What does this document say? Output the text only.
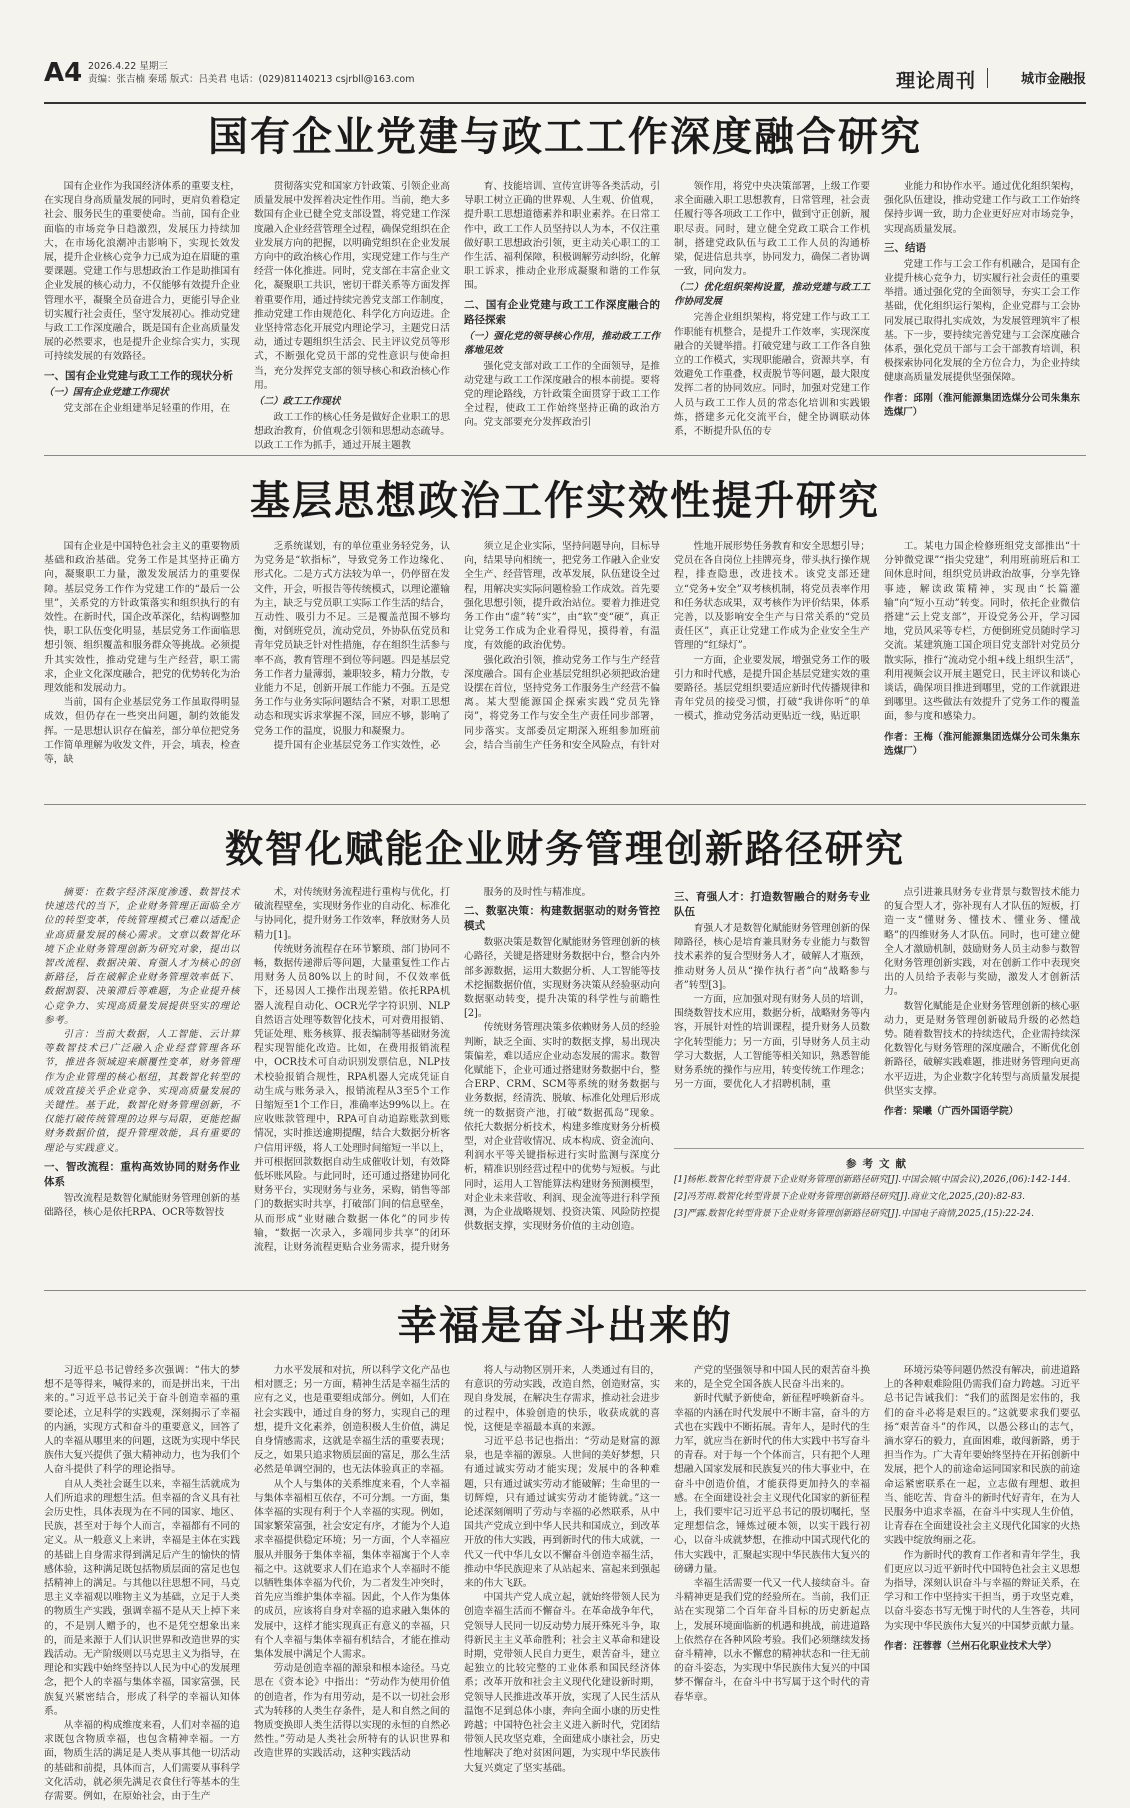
A4 2026.4.22 星期三
责编：张吉楠 秦瑶 版式：吕美君 电话：(029)81140213 csjrbll@163.com	理论周刊	城市金融报
国有企业党建与政工工作深度融合研究

国有企业作为我国经济体系的重要支柱，在实现自身高质量发展的同时，更肩负着稳定社会、服务民生的重要使命。当前，国有企业面临的市场竞争日趋激烈，发展压力持续加大，在市场化浪潮冲击影响下，实现长效发展，提升企业核心竞争力已成为迫在眉睫的重要课题。党建工作与思想政治工作是助推国有企业发展的核心动力，不仅能够有效提升企业管理水平，凝聚全员奋进合力，更能引导企业切实履行社会责任，坚守发展初心。推动党建与政工工作深度融合，既是国有企业高质量发展的必然要求，也是提升企业综合实力，实现可持续发展的有效路径。

一、国有企业党建与政工工作的现状分析
（一）国有企业党建工作现状

党支部在企业组建举足轻重的作用，在

贯彻落实党和国家方针政策、引领企业高质量发展中发挥着决定性作用。当前，绝大多数国有企业已健全党支部设置，将党建工作深度融入企业经营管理全过程，确保党组织在企业发展方向的把握，以明确党组织在企业发展方向中的政治核心作用，实现党建工作与生产经营一体化推进。同时，党支部在丰富企业文化，凝聚职工共识，密切干群关系等方面发挥着重要作用，通过持续完善党支部工作制度，推动党建工作由规范化、科学化方向迈进。企业坚持常态化开展党内理论学习，主题党日活动，通过专题组织生活会、民主评议党员等形式，不断强化党员干部的党性意识与使命担当，充分发挥党支部的领导核心和政治核心作用。

（二）政工工作现状

政工工作的核心任务是做好企业职工的思想政治教育，价值观念引领和思想动态疏导。以政工工作为抓手，通过开展主题教

育、技能培训、宣传宣讲等各类活动，引导职工树立正确的世界观、人生观、价值观，提升职工思想道德素养和职业素养。在日常工作中，政工工作人员坚持以人为本，不仅注重做好职工思想政治引领，更主动关心职工的工作生活、福利保障，积极调解劳动纠纷，化解职工诉求，推动企业形成凝聚和谐的工作氛围。

二、国有企业党建与政工工作深度融合的路径探索
（一）强化党的领导核心作用，推动政工工作落地见效

强化党支部对政工工作的全面领导，是推动党建与政工工作深度融合的根本前提。要将党的理论路线，方针政策全面贯穿于政工工作全过程，使政工工作始终坚持正确的政治方向。党支部要充分发挥政治引

领作用，将党中央决策部署，上级工作要求全面融入职工思想教育，日常管理，社会责任履行等各项政工工作中，做到守正创新，履职尽责。同时，建立健全党政工联合工作机制，搭建党政队伍与政工工作人员的沟通桥梁，促进信息共享，协同发力，确保二者协调一致，同向发力。

（二）优化组织架构设置，推动党建与政工工作协同发展

完善企业组织架构，将党建工作与政工工作职能有机整合，是提升工作效率，实现深度融合的关键举措。打破党建与政工工作各自独立的工作模式，实现职能融合，资源共享，有效避免工作重叠，权责脱节等问题，最大限度发挥二者的协同效应。同时，加强对党建工作人员与政工工作人员的常态化培训和实践锻炼，搭建多元化交流平台，健全协调联动体系，不断提升队伍的专

业能力和协作水平。通过优化组织架构，强化队伍建设，推动党建工作与政工工作始终保持步调一致，助力企业更好应对市场竞争，实现高质量发展。

三、结语

党建工作与工会工作有机融合，是国有企业提升核心竞争力，切实履行社会责任的重要举措。通过强化党的全面领导，夯实工会工作基础，优化组织运行架构，企业党群与工会协同发展已取得扎实成效，为发展管理筑牢了根基。下一步，要持续完善党建与工会深度融合体系，强化党员干部与工会干部教育培训，积极探索协同化发展的全方位合力，为企业持续健康高质量发展提供坚强保障。

作者：邱刚（淮河能源集团选煤分公司朱集东选煤厂）

基层思想政治工作实效性提升研究

国有企业是中国特色社会主义的重要物质基础和政治基础。党务工作是其坚持正确方向，凝聚职工力量，激发发展活力的重要保障。基层党务工作作为党建工作的“最后一公里”，关系党的方针政策落实和组织执行的有效性。在新时代，国企改革深化，结构调整加快，职工队伍变化明显，基层党务工作面临思想引领、组织覆盖和服务群众等挑战。必须提升其实效性，推动党建与生产经营，职工需求，企业文化深度融合，把党的优势转化为治理效能和发展动力。

当前，国有企业基层党务工作虽取得明显成效，但仍存在一些突出问题，制约效能发挥。一是思想认识存在偏差，部分单位把党务工作简单理解为收发文件，开会，填表，检查等，缺

乏系统谋划，有的单位重业务轻党务，认为党务是“软指标”，导致党务工作边缘化、形式化。二是方式方法较为单一，仍停留在发文件，开会，听报告等传统模式，以理论灌输为主，缺乏与党员职工实际工作生活的结合，互动性、吸引力不足。三是覆盖范围不够均衡，对倒班党员，流动党员，外协队伍党员和青年党员缺乏针对性措施，存在组织生活参与率不高，教育管理不到位等问题。四是基层党务工作者力量薄弱，兼职较多，精力分散，专业能力不足，创新开展工作能力不强。五是党务工作与业务实际问题结合不紧，对职工思想动态和现实诉求掌握不深，回应不够，影响了党务工作的温度，说服力和凝聚力。

提升国有企业基层党务工作实效性，必

须立足企业实际，坚持问题导向，目标导向，结果导向相统一，把党务工作融入企业安全生产、经营管理，改革发展，队伍建设全过程，用解决实实际问题检验工作成效。首先要强化思想引领，提升政治站位。要着力推进党务工作由“虚”转“实”，由“软”变“硬”，真正让党务工作成为企业看得见，摸得着，有温度，有效能的政治优势。

强化政治引领，推动党务工作与生产经营深度融合。国有企业基层党组织必须把政治建设摆在首位，坚持党务工作服务生产经营不偏离。某大型能源国企探索实践“党员先锋岗”，将党务工作与安全生产责任同步部署，同步落实。支部委员定期深入班组参加班前会，结合当前生产任务和安全风险点，有针对

性地开展形势任务教育和安全思想引导；党员在各自岗位上挂牌亮身，带头执行操作规程，排查隐患，改进技术。该党支部还建立“党务+安全”双考核机制，将党员表率作用和任务状态成果，双考核作为评价结果，体系完善，以及影响安全生产与日常关系的“党员责任区”，真正让党建工作成为企业安全生产管理的“红绿灯”。

一方面，企业要发展，增强党务工作的吸引力和时代感，是提升国企基层党建实效的重要路径。基层党组织要适应新时代传播规律和青年党员的接受习惯，打破“我讲你听”的单一模式，推动党务活动更贴近一线，贴近职

工。某电力国企检修班组党支部推出“十分钟微党课”“指尖党建”，利用班前班后和工间休息时间，组织党员讲政治故事，分享先锋事迹，解读政策精神，实现由“长篇灌输”向“短小互动”转变。同时，依托企业微信搭建“云上党支部”，开设党务公开，学习园地，党员风采等专栏，方便倒班党员随时学习交流。某建筑施工国企项目党支部针对党员分散实际，推行“流动党小组+线上组织生活”，利用视频会议开展主题党日，民主评议和谈心谈话，确保项目推进到哪里，党的工作就跟进到哪里。这些做法有效提升了党务工作的覆盖面，参与度和感染力。

作者：王梅（淮河能源集团选煤分公司朱集东选煤厂）

数智化赋能企业财务管理创新路径研究

摘要：在数字经济深度渗透、数智技术快速迭代的当下，企业财务管理正面临全方位的转型变革，传统管理模式已难以适配企业高质量发展的核心需求。文章以数智化环境下企业财务管理创新为研究对象，提出以智改流程、数据决策、育强人才为核心的创新路径，旨在破解企业财务管理效率低下、数据割裂、决策滞后等难题，为企业提升核心竞争力、实现高质量发展提供坚实的理论参考。

引言：当前大数据，人工智能、云计算等数智技术已广泛融入企业经营管理各环节，推进各领域迎来颠覆性变革，财务管理作为企业管理的核心枢纽，其数智化转型的成效直接关乎企业竞争、实现高质量发展的关键性。基于此，数智化财务管理创新，不仅能打破传统管理的边界与局限，更能挖掘财务数据价值，提升管理效能，具有重要的理论与实践意义。

一、智改流程：重构高效协同的财务作业体系

智改流程是数智化赋能财务管理创新的基础路径，核心是依托RPA、OCR等数智技

术，对传统财务流程进行重构与优化，打破流程壁垒，实现财务作业的自动化、标准化与协同化，提升财务工作效率，释放财务人员精力[1]。

传统财务流程存在环节繁琐、部门协同不畅，数据传递滞后等问题，大量重复性工作占用财务人员80%以上的时间，不仅效率低下，还易因人工操作出现差错。依托RPA机器人流程自动化、OCR光学字符识别、NLP自然语言处理等数智化技术，可对费用报销、凭证处理、账务核算、报表编制等基础财务流程实现智能化改造。比如，在费用报销流程中，OCR技术可自动识别发票信息，NLP技术校验报销合规性，RPA机器人完成凭证自动生成与账务录入，报销流程从3至5个工作日缩短至1个工作日，准确率达99%以上。在应收账款管理中，RPA可自动追踪账款到账情况，实时推送逾期提醒，结合大数据分析客户信用评级，将人工处理时间缩短一半以上，并可根据回款数据自动生成催收计划，有效降低坏账风险。与此同时，还可通过搭建协同化财务平台，实现财务与业务，采购，销售等部门的数据实时共享，打破部门间的信息壁垒，从而形成“业财融合数据一体化”的同步传输，“数据一次录入，多端同步共享”的闭环流程，让财务流程更贴合业务需求，提升财务

服务的及时性与精准度。

二、数驱决策：构建数据驱动的财务管控模式

数驱决策是数智化赋能财务管理创新的核心路径，关键是搭建财务数据中台，整合内外部多源数据，运用大数据分析、人工智能等技术挖掘数据价值，实现财务决策从经验驱动向数据驱动转变，提升决策的科学性与前瞻性[2]。

传统财务管理决策多依赖财务人员的经验判断，缺乏全面、实时的数据支撑，易出现决策偏差，难以适应企业动态发展的需求。数智化赋能下，企业可通过搭建财务数据中台，整合ERP、CRM、SCM等系统的财务数据与业务数据，经清洗、脱敏、标准化处理后形成统一的数据资产池，打破“数据孤岛”现象。依托大数据分析技术，构建多维度财务分析模型，对企业营收情况、成本构成、资金流向、利润水平等关键指标进行实时监测与深度分析，精准识别经营过程中的优势与短板。与此同时，运用人工智能算法构建财务预测模型，对企业未来营收、利润、现金流等进行科学预测，为企业战略规划、投资决策、风险防控提供数据支撑，实现财务价值的主动创造。

三、育强人才：打造数智融合的财务专业队伍

育强人才是数智化赋能财务管理创新的保障路径，核心是培育兼具财务专业能力与数智技术素养的复合型财务人才，破解人才瓶颈，推动财务人员从“操作执行者”向“战略参与者”转型[3]。

一方面，应加强对现有财务人员的培训，围绕数智技术应用，数据分析，战略财务等内容，开展针对性的培训课程，提升财务人员数字化转型能力；另一方面，引导财务人员主动学习大数据，人工智能等相关知识，熟悉智能财务系统的操作与应用，转变传统工作理念；另一方面，要优化人才招聘机制，重

点引进兼具财务专业背景与数智技术能力的复合型人才，弥补现有人才队伍的短板，打造一支“懂财务、懂技术、懂业务、懂战略”的四维财务人才队伍。同时，也可建立健全人才激励机制，鼓励财务人员主动参与数智化财务管理创新实践，对在创新工作中表现突出的人员给予表彰与奖励，激发人才创新活力。

数智化赋能是企业财务管理创新的核心驱动力，更是财务管理创新破局升级的必然趋势。随着数智技术的持续迭代，企业需持续深化数智化与财务管理的深度融合，不断优化创新路径，破解实践难题，推进财务管理向更高水平迈进，为企业数字化转型与高质量发展提供坚实支撑。

作者：梁曦（广西外国语学院）

参考文献

[1]杨彬.数智化转型背景下企业财务管理创新路径研究[J].中国会展(中国会议),2026,(06):142-144.

[2]冯芳雨.数智化转型背景下企业财务管理创新路径研究[J].商业文化,2025,(20):82-83.

[3]严露.数智化转型背景下企业财务管理创新路径研究[J].中国电子商情,2025,(15):22-24.

幸福是奋斗出来的

习近平总书记曾经多次强调：“伟大的梦想不是等得来，喊得来的，而是拼出来，干出来的。”习近平总书记关于奋斗创造幸福的重要论述，立足科学的实践观，深刻揭示了幸福的内涵，实现方式和奋斗的重要意义，回答了人的幸福从哪里来的问题，这既为实现中华民族伟大复兴提供了强大精神动力，也为我们个人奋斗提供了科学的理论指导。

自从人类社会诞生以来，幸福生活就成为人们所追求的理想生活。但幸福的含义具有社会历史性，具体表现为在不同的国家、地区、民族，甚至对于每个人而言，幸福都有不同的定义。从一般意义上来讲，幸福是主体在实践的基础上自身需求得到满足后产生的愉快的情感体验，这种满足既包括物质层面的富足也包括精神上的满足。与其他以往思想不同，马克思主义幸福观以唯物主义为基础，立足于人类的物质生产实践，强调幸福不是从天上掉下来的，不是别人赠予的，也不是凭空想象出来的，而是来源于人们认识世界和改造世界的实践活动。无产阶级则以马克思主义为指导，在理论和实践中始终坚持以人民为中心的发展理念，把个人的幸福与集体幸福，国家富强，民族复兴紧密结合，形成了科学的幸福认知体系。

从幸福的构成维度来看，人们对幸福的追求既包含物质幸福，也包含精神幸福。一方面，物质生活的满足是人类从事其他一切活动的基础和前提，具体而言，人们需要从事科学文化活动，就必须先满足衣食住行等基本的生存需要。例如，在原始社会，由于生产

力水平发展和对抗，所以科学文化产品也相对匮乏；另一方面，精神生活是幸福生活的应有之义，也是重要组成部分。例如，人们在社会实践中，通过自身的努力，实现自己的理想，提升文化素养，创造积极人生价值，满足自身情感需求，这就是幸福生活的重要表现；反之，如果只追求物质层面的富足，那么生活必然是单调空洞的，也无法体验真正的幸福。

从个人与集体的关系维度来看，个人幸福与集体幸福相互依存，不可分割。一方面，集体幸福的实现有利于个人幸福的实现。例如，国家繁荣富强，社会安定有序，才能为个人追求幸福提供稳定环境；另一方面，个人幸福应服从并服务于集体幸福，集体幸福寓于个人幸福之中。这就要求人们在追求个人幸福时不能以牺牲集体幸福为代价，为二者发生冲突时，首先应当维护集体幸福。因此，个人作为集体的成员，应该将自身对幸福的追求融入集体的发展中，这样才能实现真正有意义的幸福，只有个人幸福与集体幸福有机结合，才能在推动集体发展中满足个人需求。

劳动是创造幸福的源泉和根本途径。马克思在《资本论》中指出：“劳动作为使用价值的创造者，作为有用劳动，是不以一切社会形式为转移的人类生存条件，是人和自然之间的物质变换即人类生活得以实现的永恒的自然必然性。”劳动是人类社会所特有的认识世界和改造世界的实践活动，这种实践活动

将人与动物区别开来，人类通过有目的，有意识的劳动实践，改造自然，创造财富，实现自身发展，在解决生存需求，推动社会进步的过程中，体验创造的快乐，收获成就的喜悦，这便是幸福最本真的来源。

习近平总书记也指出：“劳动是财富的源泉，也是幸福的源泉。人世间的美好梦想，只有通过诚实劳动才能实现；发展中的各种难题，只有通过诚实劳动才能破解；生命里的一切辉煌，只有通过诚实劳动才能铸就。”这一论述深刻阐明了劳动与幸福的必然联系，从中国共产党成立到中华人民共和国成立，到改革开放的伟大实践，再到新时代的伟大成就，一代又一代中华儿女以不懈奋斗创造幸福生活，推动中华民族迎来了从站起来、富起来到强起来的伟大飞跃。

中国共产党人成立起，就始终带领人民为创造幸福生活而不懈奋斗。在革命战争年代，党领导人民同一切反动势力展开殊死斗争，取得新民主主义革命胜利；社会主义革命和建设时期，党带领人民自力更生，艰苦奋斗，建立起独立的比较完整的工业体系和国民经济体系；改革开放和社会主义现代化建设新时期，党领导人民推进改革开放，实现了人民生活从温饱不足到总体小康，奔向全面小康的历史性跨越；中国特色社会主义进入新时代，党团结带领人民攻坚克难，全面建成小康社会，历史性地解决了绝对贫困问题，为实现中华民族伟大复兴奠定了坚实基础。

产党的坚强领导和中国人民的艰苦奋斗换来的，是全党全国各族人民奋斗出来的。

新时代赋予新使命，新征程呼唤新奋斗。幸福的内涵在时代发展中不断丰富，奋斗的方式也在实践中不断拓展。青年人，是时代的生力军，就应当在新时代的伟大实践中书写奋斗的青春。对于每一个个体而言，只有把个人理想融入国家发展和民族复兴的伟大事业中，在奋斗中创造价值，才能获得更加持久的幸福感。在全面建设社会主义现代化国家的新征程上，我们要牢记习近平总书记的殷切嘱托，坚定理想信念，锤炼过硬本领，以实干践行初心，以奋斗成就梦想，在推动中国式现代化的伟大实践中，汇聚起实现中华民族伟大复兴的磅礴力量。

幸福生活需要一代又一代人接续奋斗。奋斗精神更是我们党的经验所在。当前，我们正站在实现第二个百年奋斗目标的历史新起点上，发展环境面临新的机遇和挑战，前进道路上依然存在各种风险考验。我们必须继续发扬奋斗精神，以永不懈怠的精神状态和一往无前的奋斗姿态，为实现中华民族伟大复兴的中国梦不懈奋斗，在奋斗中书写属于这个时代的青春华章。

环境污染等问题仍然没有解决，前进道路上的各种艰难险阻仍需我们奋力跨越。习近平总书记告诫我们：“我们的蓝图是宏伟的，我们的奋斗必将是艰巨的。”这就要求我们要弘扬“艰苦奋斗”的作风，以愚公移山的志气，滴水穿石的毅力，直面困难，敢闯新路，勇于担当作为。广大青年要始终坚持在开拓创新中发展，把个人的前途命运同国家和民族的前途命运紧密联系在一起，立志做有理想、敢担当、能吃苦、肯奋斗的新时代好青年，在为人民服务中追求幸福，在奋斗中实现人生价值，让青春在全面建设社会主义现代化国家的火热实践中绽放绚丽之花。

作为新时代的教育工作者和青年学生，我们更应以习近平新时代中国特色社会主义思想为指导，深刻认识奋斗与幸福的辩证关系，在学习和工作中坚持实干担当，勇于攻坚克难，以奋斗姿态书写无愧于时代的人生答卷，共同为实现中华民族伟大复兴的中国梦贡献力量。

作者：汪蓉蓉（兰州石化职业技术大学）
